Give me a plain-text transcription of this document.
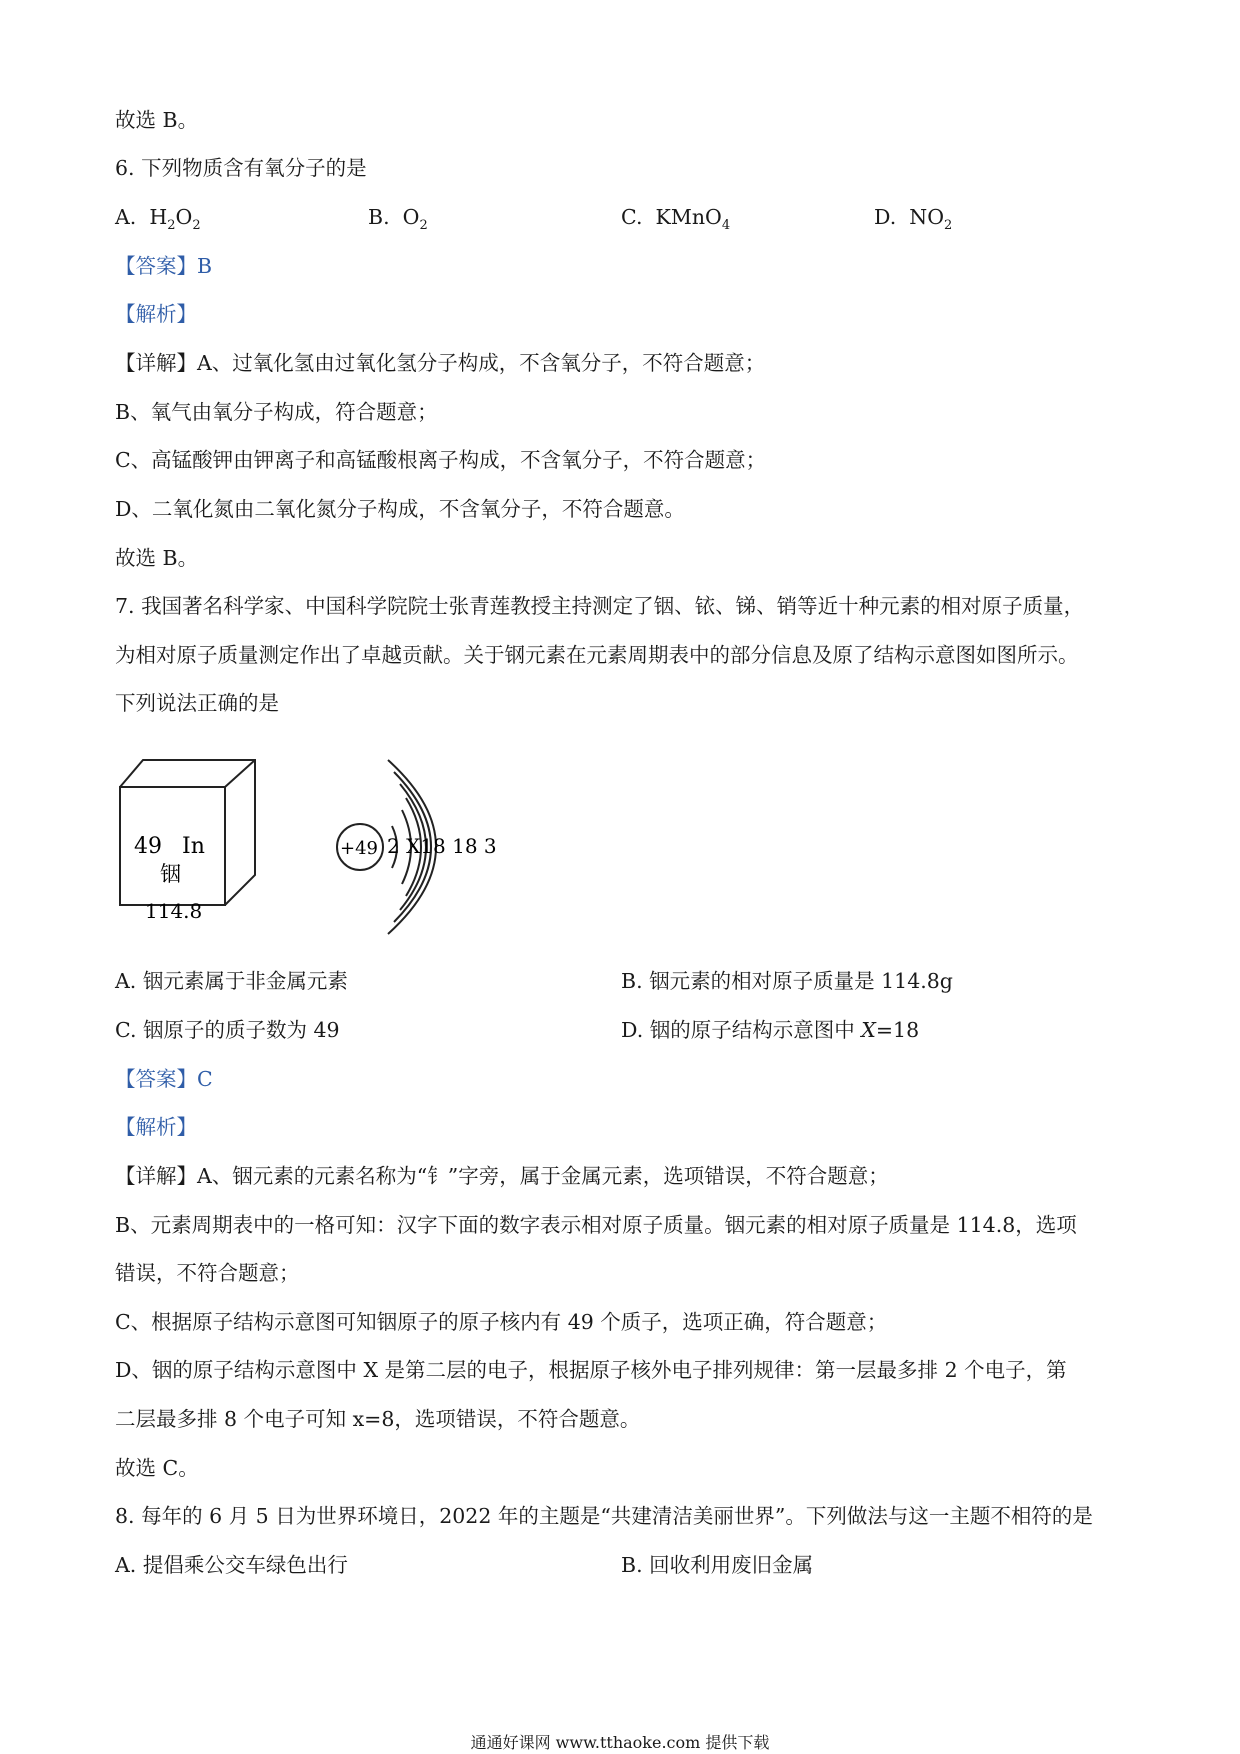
故选 B。
6. 下列物质含有氧分子的是
A. $H_2O_2$	B. $O_2$	C. KMnO$_4$	D. $NO_2$
【答案】B
【解析】
【详解】A、过氧化氢由过氧化氢分子构成，不含氧分子，不符合题意；
B、氧气由氧分子构成，符合题意；
C、高锰酸钾由钾离子和高锰酸根离子构成，不含氧分子，不符合题意；
D、二氧化氮由二氧化氮分子构成，不含氧分子，不符合题意。
故选 B。
7. 我国著名科学家、中国科学院院士张青莲教授主持测定了铟、铱、锑、销等近十种元素的相对原子质量，
为相对原子质量测定作出了卓越贡献。关于钢元素在元素周期表中的部分信息及原了结构示意图如图所示。
下列说法正确的是
49 In
铟
114.8
+49 2 X18 18 3
A. 铟元素属于非金属元素	B. 铟元素的相对原子质量是 114.8g
C. 铟原子的质子数为 49	D. 铟的原子结构示意图中 X=18
【答案】C
【解析】
【详解】A、铟元素的元素名称为“钅”字旁，属于金属元素，选项错误，不符合题意；
B、元素周期表中的一格可知：汉字下面的数字表示相对原子质量。铟元素的相对原子质量是 114.8，选项
错误，不符合题意；
C、根据原子结构示意图可知铟原子的原子核内有 49 个质子，选项正确，符合题意；
D、铟的原子结构示意图中 X 是第二层的电子，根据原子核外电子排列规律：第一层最多排 2 个电子，第
二层最多排 8 个电子可知 x=8，选项错误，不符合题意。
故选 C。
8. 每年的 6 月 5 日为世界环境日，2022 年的主题是“共建清洁美丽世界”。下列做法与这一主题不相符的是
A. 提倡乘公交车绿色出行	B. 回收利用废旧金属
通通好课网 www.tthaoke.com 提供下载
